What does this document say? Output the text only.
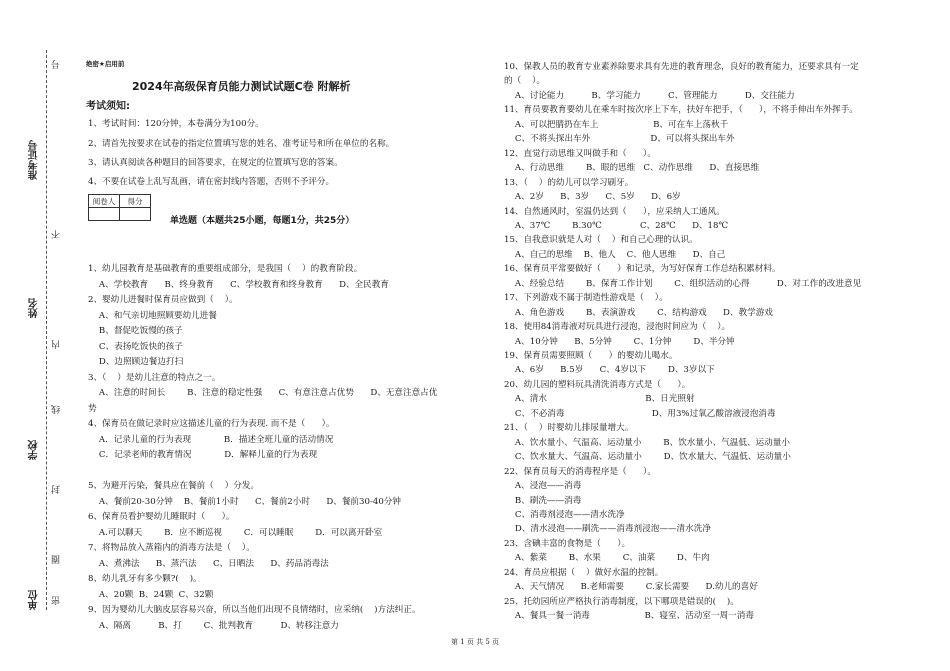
准考证号
姓名
学校
单位
号
不
内
线
封
圈
密
绝密★启用前
2024年高级保育员能力测试试题C卷 附解析
考试须知:
1、考试时间：120分钟，本卷满分为100分。
2、请首先按要求在试卷的指定位置填写您的姓名、准考证号和所在单位的名称。
3、请认真阅读各种题目的回答要求，在规定的位置填写您的答案。
4、不要在试卷上乱写乱画，请在密封线内答题，否则不予评分。
阅卷人	得分

单选题（本题共25小题，每题1分，共25分）
1、幼儿园教育是基础教育的重要组成部分，是我国（    ）的教育阶段。
A、学校教育      B、终身教育      C、学校教育和终身教育      D、全民教育
2、婴幼儿进餐时保育员应做到（    ）。
A、和气亲切地照顾要幼儿进餐
B、督促吃饭慢的孩子
C、表扬吃饭快的孩子
D、边照顾边餐边打扫
3、（    ）是幼儿注意的特点之一。
A、注意的时间长        B、注意的稳定性强      C、有意注意占优势      D、无意注意占优
势
4、保育员在做记录时应这描述儿童的行为表现. 而不是（      ）。
A．记录儿童的行为表现            B．描述全班儿童的活动情况
C．记录老师的教育情况            D．解释儿童的行为表现
5、为避开污染，餐具应在餐前（    ）分发。
A、餐前20-30分钟    B、餐前1小时      C、餐前2小时      D、餐前30-40分钟
6、保育员看护婴幼儿睡眠时（      ）。
A.可以聊天        B．应不断巡视        C．可以睡眠        D．可以离开卧室
7、将物品放入蒸箱内的消毒方法是（    ）。
A、煮沸法      B、蒸汽法      C、日晒法      D、药品消毒法
8、幼儿乳牙有多少颗?(    )。
A、20颗  B、24颗  C、32颗
9、因为婴幼儿大脑皮层容易兴奋，所以当他们出现不良情绪时，应采纳(    )方法纠正。
A、隔离          B、打        C、批判教育          D、转移注意力
10、保教人员的教育专业素养除要求具有先进的教育理念，良好的教育能力，还要求具有一定
的（    ）。
A、讨论能力          B、学习能力          C、管理能力          D、交往能力
11、育员要教育要幼儿在乘车时按次序上下车，扶好车把手，（      ），不将手伸出车外挥手。
A、可以把腈扔在车上                    B、可在车上荡秋千
C、不将头探出车外                      D、可以将头探出车外
12、直觉行动思维又叫做手和（      ）。
A、行动思维        B、眼的思维   C、动作思维      D、直接思维
13、（    ）的幼儿可以学习刷牙。
A、2岁      B、3岁      C、5岁      D、6岁
14、自然通风时，室温仍达到（      ），应采纳人工通风。
A、37℃        B.30℃              C、28℃      D、18℃
15、自我意识就是人对（    ）和自己心理的认识。
A、自己的思维    B、他人    C、他人思维      D、自己
16、保育员平常要做好（      ）和记录，为写好保育工作总结积累材料。
A、经验总结        B、保育工作计划        C、组织活动的心得          D、对工作的改进意见
17、下列游戏不属于制造性游戏是（    ）。
A、角色游戏        B、表演游戏        C、结构游戏      D、教学游戏
18、使用84消毒液对玩具进行浸泡，浸泡时间应为（    ）。
A、10分钟      B、5分钟        C、1分钟        D、半分钟
19、保育员需要照顾（      ）的婴幼儿喝水。
A、6岁      B.5岁      C、4岁以下        D、3岁以下
20、幼儿园的塑料玩具清洗消毒方式是（      ）。
A、清水                                    B、日光照射
C、不必消毒                                D、用3%过氧乙酸溶液浸泡消毒
21、（    ）时婴幼儿排尿量增大。
A、饮水量小、气温高、运动量小        B、饮水量小、气温低、运动量小
C、饮水量大、气温高、运动量小        D、饮水量大、气温低、运动量小
22、保育员每天的消毒程序是（      ）。
A、浸泡——消毒
B、刷洗——消毒
C、消毒剂浸泡——清水洗净
D、清水浸泡——刷洗——消毒剂浸泡——清水洗净
23、含碘丰富的食物是（      ）。
A、紫菜        B、水果        C、油菜        D、牛肉
24、育员应根据（    ）做好水温的控制。
A、天气情况      B.老师需要        C.家长需要      D.幼儿的喜好
25、托幼园所应严格执行消毒制度，以下哪项是错误的(    )。
A、餐具一餐一消毒                    B、寝室、活动室一周一消毒
第 1 页 共 5 页
